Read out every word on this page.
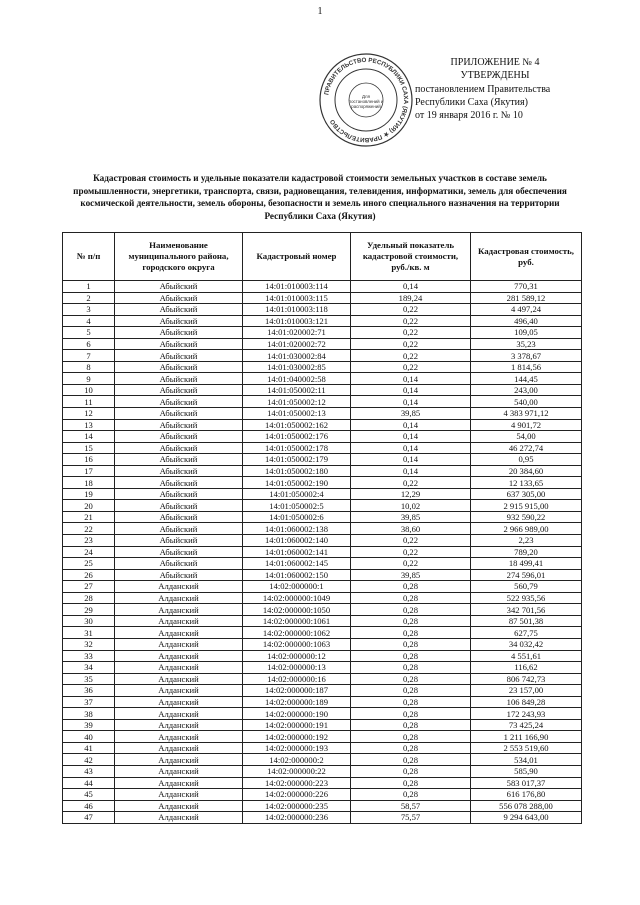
1
ПРАВИТЕЛЬСТВО РЕСПУБЛИКИ САХА (ЯКУТИЯ) ★ ПРАВИТЕЛЬСТВО
Для
постановлений и
распоряжений
ПРИЛОЖЕНИЕ № 4
УТВЕРЖДЕНЫ
постановлением Правительства
Республики Саха (Якутия)
от 19 января 2016 г. № 10
Кадастровая стоимость и удельные показатели кадастровой стоимости земельных участков в составе земель промышленности, энергетики, транспорта, связи, радиовещания, телевидения, информатики, земель для обеспечения космической деятельности, земель обороны, безопасности и земель иного специального назначения на территории Республики Саха (Якутия)
№ п/п	Наименование муниципального района, городского округа	Кадастровый номер	Удельный показатель кадастровой стоимости, руб./кв. м	Кадастровая стоимость, руб.
1	Абыйский	14:01:010003:114	0,14	770,31
2	Абыйский	14:01:010003:115	189,24	281 589,12
3	Абыйский	14:01:010003:118	0,22	4 497,24
4	Абыйский	14:01:010003:121	0,22	496,40
5	Абыйский	14:01:020002:71	0,22	109,05
6	Абыйский	14:01:020002:72	0,22	35,23
7	Абыйский	14:01:030002:84	0,22	3 378,67
8	Абыйский	14:01:030002:85	0,22	1 814,56
9	Абыйский	14:01:040002:58	0,14	144,45
10	Абыйский	14:01:050002:11	0,14	243,00
11	Абыйский	14:01:050002:12	0,14	540,00
12	Абыйский	14:01:050002:13	39,85	4 383 971,12
13	Абыйский	14:01:050002:162	0,14	4 901,72
14	Абыйский	14:01:050002:176	0,14	54,00
15	Абыйский	14:01:050002:178	0,14	46 272,74
16	Абыйский	14:01:050002:179	0,14	0,95
17	Абыйский	14:01:050002:180	0,14	20 384,60
18	Абыйский	14:01:050002:190	0,22	12 133,65
19	Абыйский	14:01:050002:4	12,29	637 305,00
20	Абыйский	14:01:050002:5	10,02	2 915 915,00
21	Абыйский	14:01:050002:6	39,85	932 590,22
22	Абыйский	14:01:060002:138	38,60	2 966 989,00
23	Абыйский	14:01:060002:140	0,22	2,23
24	Абыйский	14:01:060002:141	0,22	789,20
25	Абыйский	14:01:060002:145	0,22	18 499,41
26	Абыйский	14:01:060002:150	39,85	274 596,01
27	Алданский	14:02:000000:1	0,28	560,79
28	Алданский	14:02:000000:1049	0,28	522 935,56
29	Алданский	14:02:000000:1050	0,28	342 701,56
30	Алданский	14:02:000000:1061	0,28	87 501,38
31	Алданский	14:02:000000:1062	0,28	627,75
32	Алданский	14:02:000000:1063	0,28	34 032,42
33	Алданский	14:02:000000:12	0,28	4 551,61
34	Алданский	14:02:000000:13	0,28	116,62
35	Алданский	14:02:000000:16	0,28	806 742,73
36	Алданский	14:02:000000:187	0,28	23 157,00
37	Алданский	14:02:000000:189	0,28	106 849,28
38	Алданский	14:02:000000:190	0,28	172 243,93
39	Алданский	14:02:000000:191	0,28	73 425,24
40	Алданский	14:02:000000:192	0,28	1 211 166,90
41	Алданский	14:02:000000:193	0,28	2 553 519,60
42	Алданский	14:02:000000:2	0,28	534,01
43	Алданский	14:02:000000:22	0,28	585,90
44	Алданский	14:02:000000:223	0,28	583 017,37
45	Алданский	14:02:000000:226	0,28	616 176,80
46	Алданский	14:02:000000:235	58,57	556 078 288,00
47	Алданский	14:02:000000:236	75,57	9 294 643,00
